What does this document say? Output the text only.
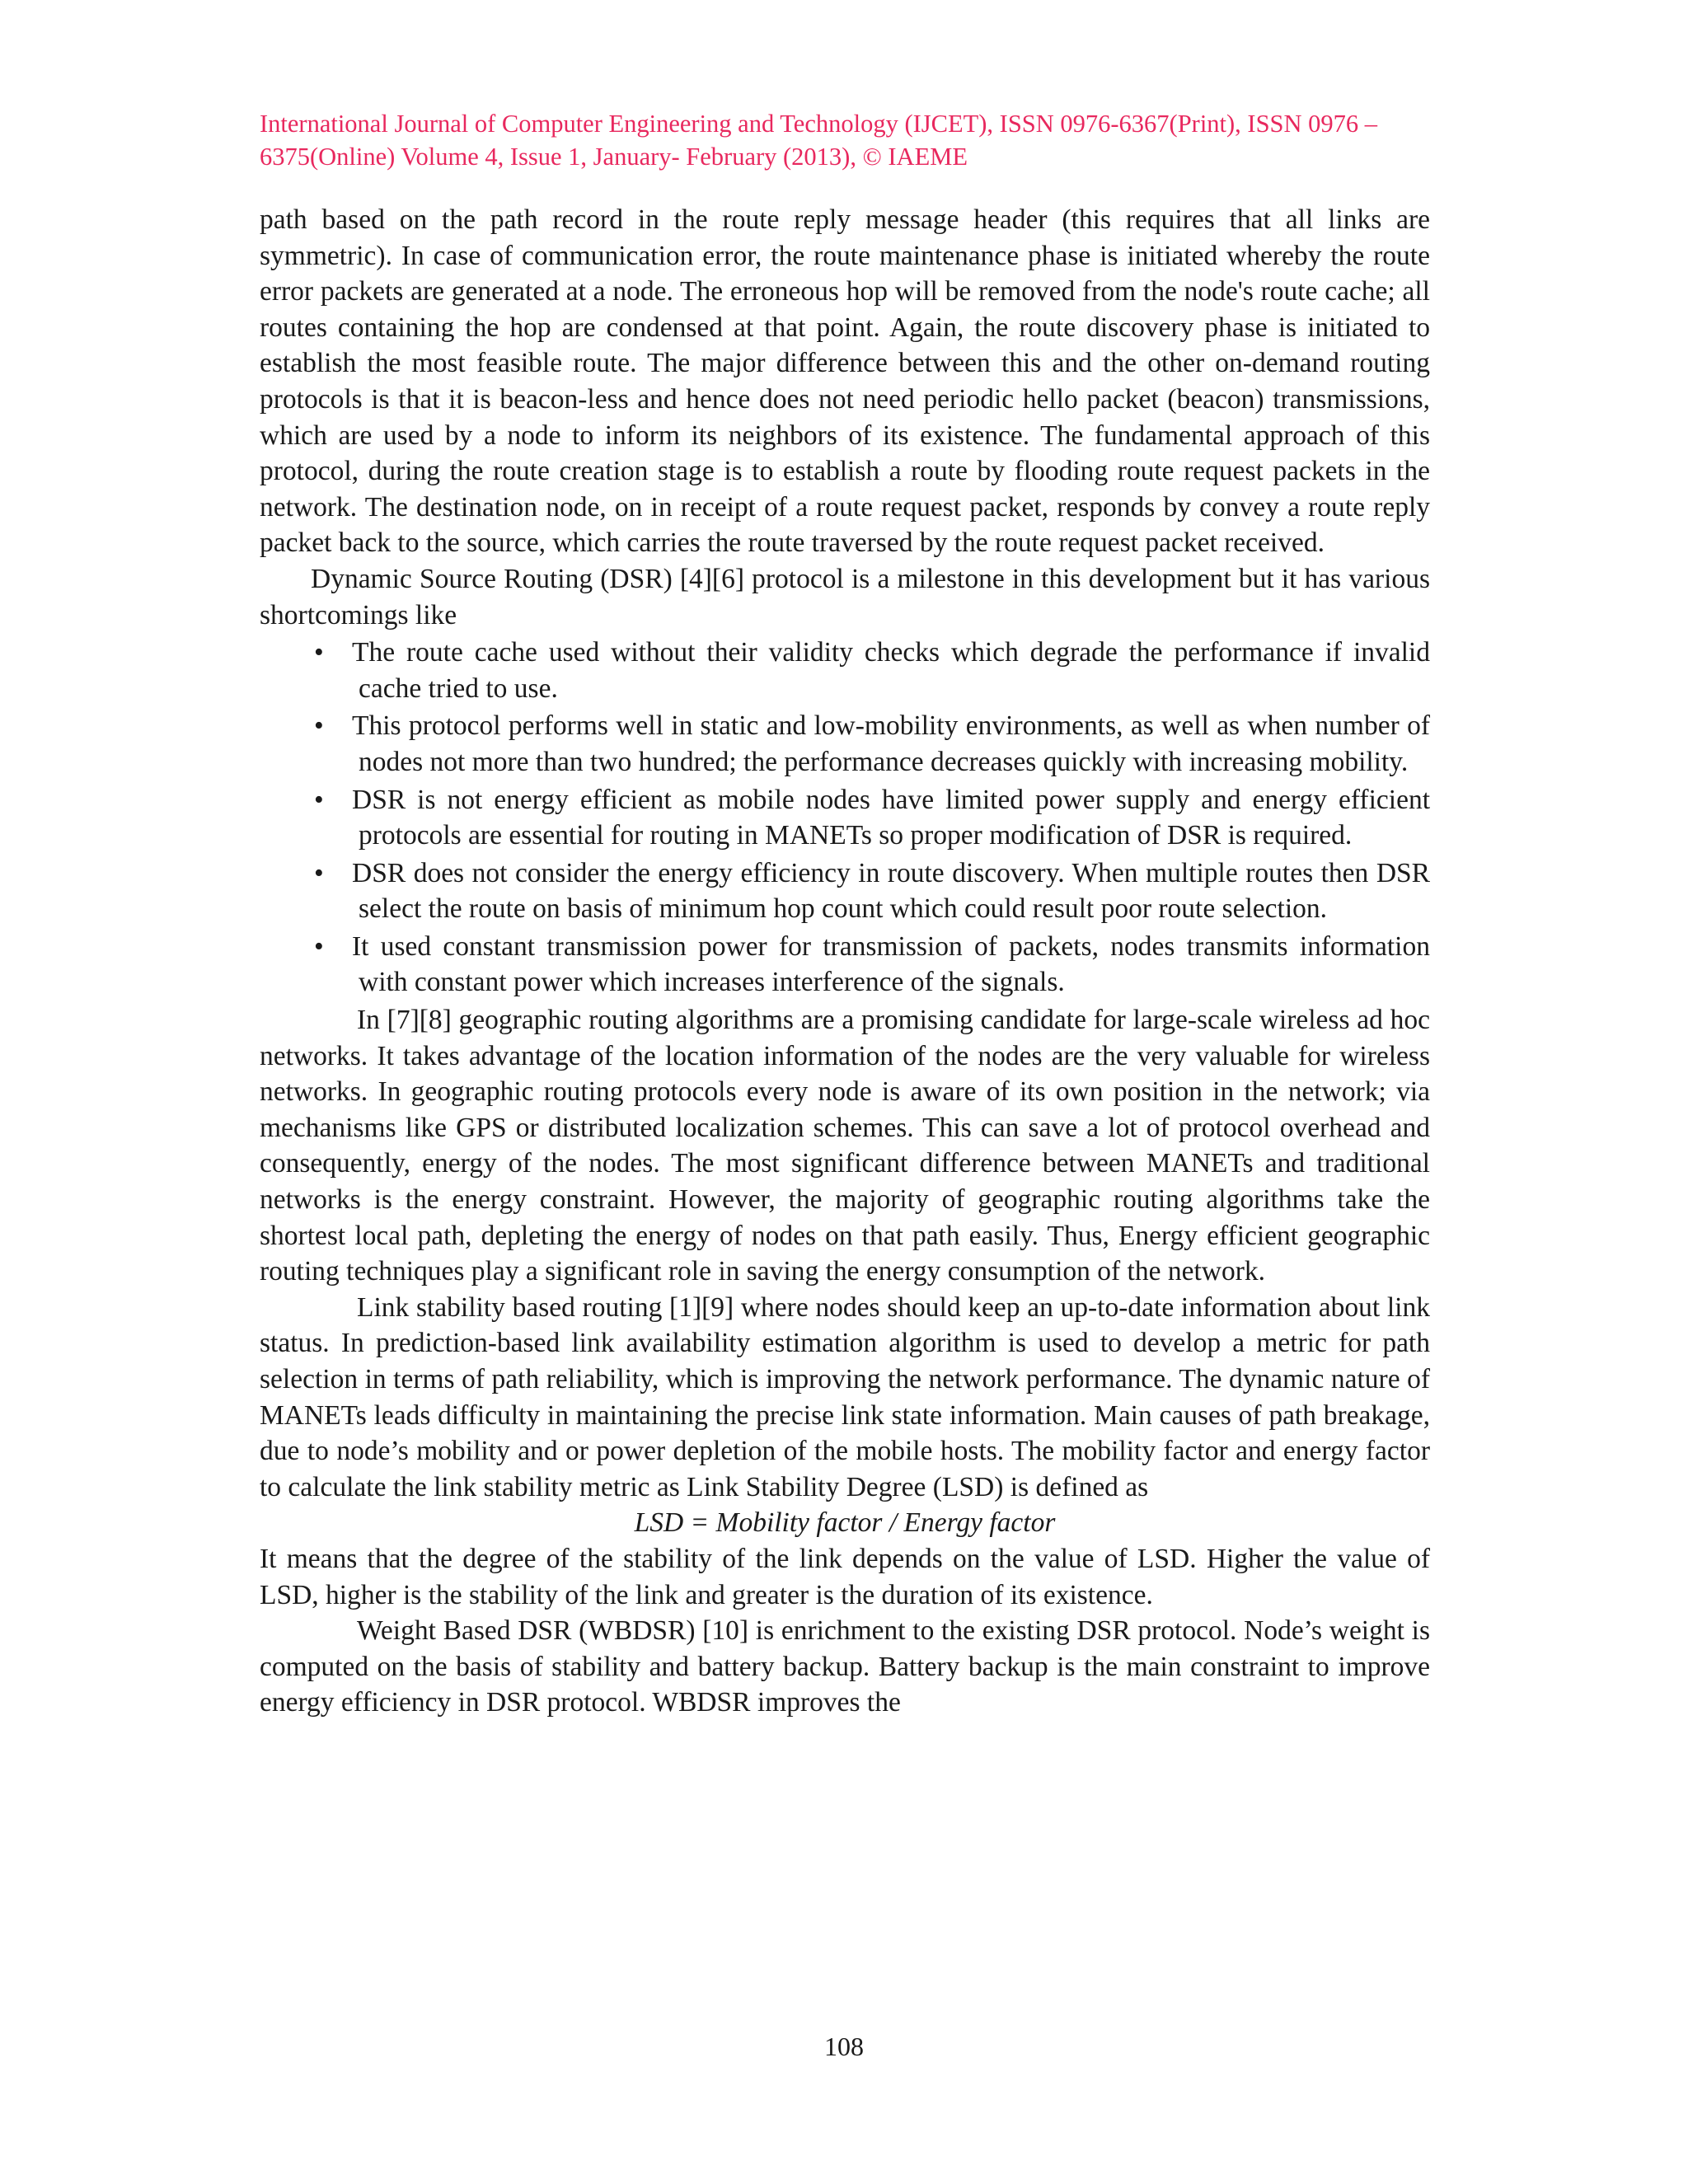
International Journal of Computer Engineering and Technology (IJCET), ISSN 0976-6367(Print), ISSN 0976 –

6375(Online) Volume 4, Issue 1, January- February (2013), © IAEME

path based on the path record in the route reply message header (this requires that all links are symmetric). In case of communication error, the route maintenance phase is initiated whereby the route error packets are generated at a node. The erroneous hop will be removed from the node's route cache; all routes containing the hop are condensed at that point. Again, the route discovery phase is initiated to establish the most feasible route. The major difference between this and the other on-demand routing protocols is that it is beacon-less and hence does not need periodic hello packet (beacon) transmissions, which are used by a node to inform its neighbors of its existence. The fundamental approach of this protocol, during the route creation stage is to establish a route by flooding route request packets in the network. The destination node, on in receipt of a route request packet, responds by convey a route reply packet back to the source, which carries the route traversed by the route request packet received.

Dynamic Source Routing (DSR) [4][6] protocol is a milestone in this development but it has various shortcomings like

• The route cache used without their validity checks which degrade the performance if invalid cache tried to use.
• This protocol performs well in static and low-mobility environments, as well as when number of nodes not more than two hundred; the performance decreases quickly with increasing mobility.
• DSR is not energy efficient as mobile nodes have limited power supply and energy efficient protocols are essential for routing in MANETs so proper modification of DSR is required.
• DSR does not consider the energy efficiency in route discovery. When multiple routes then DSR select the route on basis of minimum hop count which could result poor route selection.
• It used constant transmission power for transmission of packets, nodes transmits information with constant power which increases interference of the signals.

In [7][8] geographic routing algorithms are a promising candidate for large-scale wireless ad hoc networks. It takes advantage of the location information of the nodes are the very valuable for wireless networks. In geographic routing protocols every node is aware of its own position in the network; via mechanisms like GPS or distributed localization schemes. This can save a lot of protocol overhead and consequently, energy of the nodes. The most significant difference between MANETs and traditional networks is the energy constraint. However, the majority of geographic routing algorithms take the shortest local path, depleting the energy of nodes on that path easily. Thus, Energy efficient geographic routing techniques play a significant role in saving the energy consumption of the network.

Link stability based routing [1][9] where nodes should keep an up-to-date information about link status. In prediction-based link availability estimation algorithm is used to develop a metric for path selection in terms of path reliability, which is improving the network performance. The dynamic nature of MANETs leads difficulty in maintaining the precise link state information. Main causes of path breakage, due to node’s mobility and or power depletion of the mobile hosts. The mobility factor and energy factor to calculate the link stability metric as Link Stability Degree (LSD) is defined as

LSD = Mobility factor / Energy factor

It means that the degree of the stability of the link depends on the value of LSD. Higher the value of LSD, higher is the stability of the link and greater is the duration of its existence.

Weight Based DSR (WBDSR) [10] is enrichment to the existing DSR protocol. Node’s weight is computed on the basis of stability and battery backup. Battery backup is the main constraint to improve energy efficiency in DSR protocol. WBDSR improves the

108
